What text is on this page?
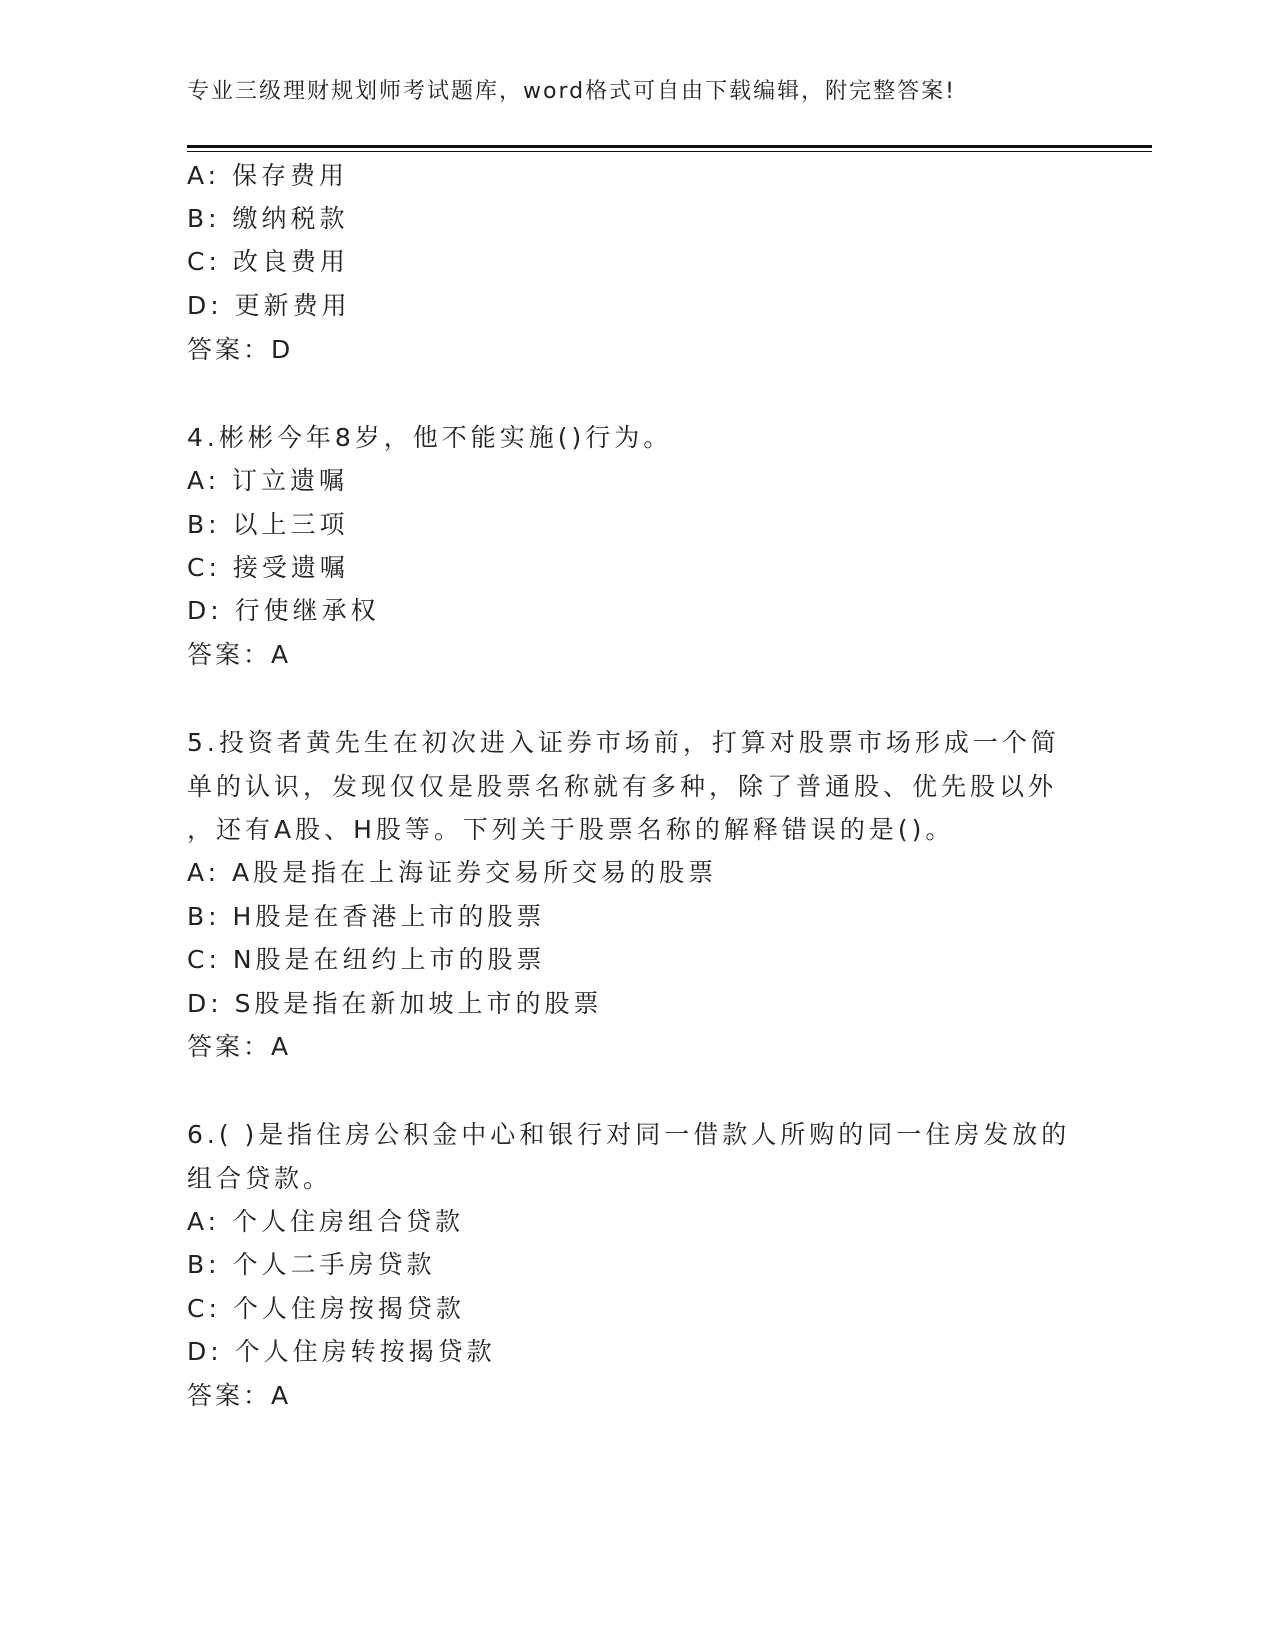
专业三级理财规划师考试题库，word格式可自由下载编辑，附完整答案!
A: 保存费用
B: 缴纳税款
C: 改良费用
D: 更新费用
答案：D
4.彬彬今年8岁，他不能实施()行为。
A: 订立遗嘱
B: 以上三项
C: 接受遗嘱
D: 行使继承权
答案：A
5.投资者黄先生在初次进入证券市场前，打算对股票市场形成一个简
单的认识，发现仅仅是股票名称就有多种，除了普通股、优先股以外
，还有A股、H股等。下列关于股票名称的解释错误的是()。
A: A股是指在上海证券交易所交易的股票
B: H股是在香港上市的股票
C: N股是在纽约上市的股票
D: S股是指在新加坡上市的股票
答案：A
6.( )是指住房公积金中心和银行对同一借款人所购的同一住房发放的
组合贷款。
A: 个人住房组合贷款
B: 个人二手房贷款
C: 个人住房按揭贷款
D: 个人住房转按揭贷款
答案：A
